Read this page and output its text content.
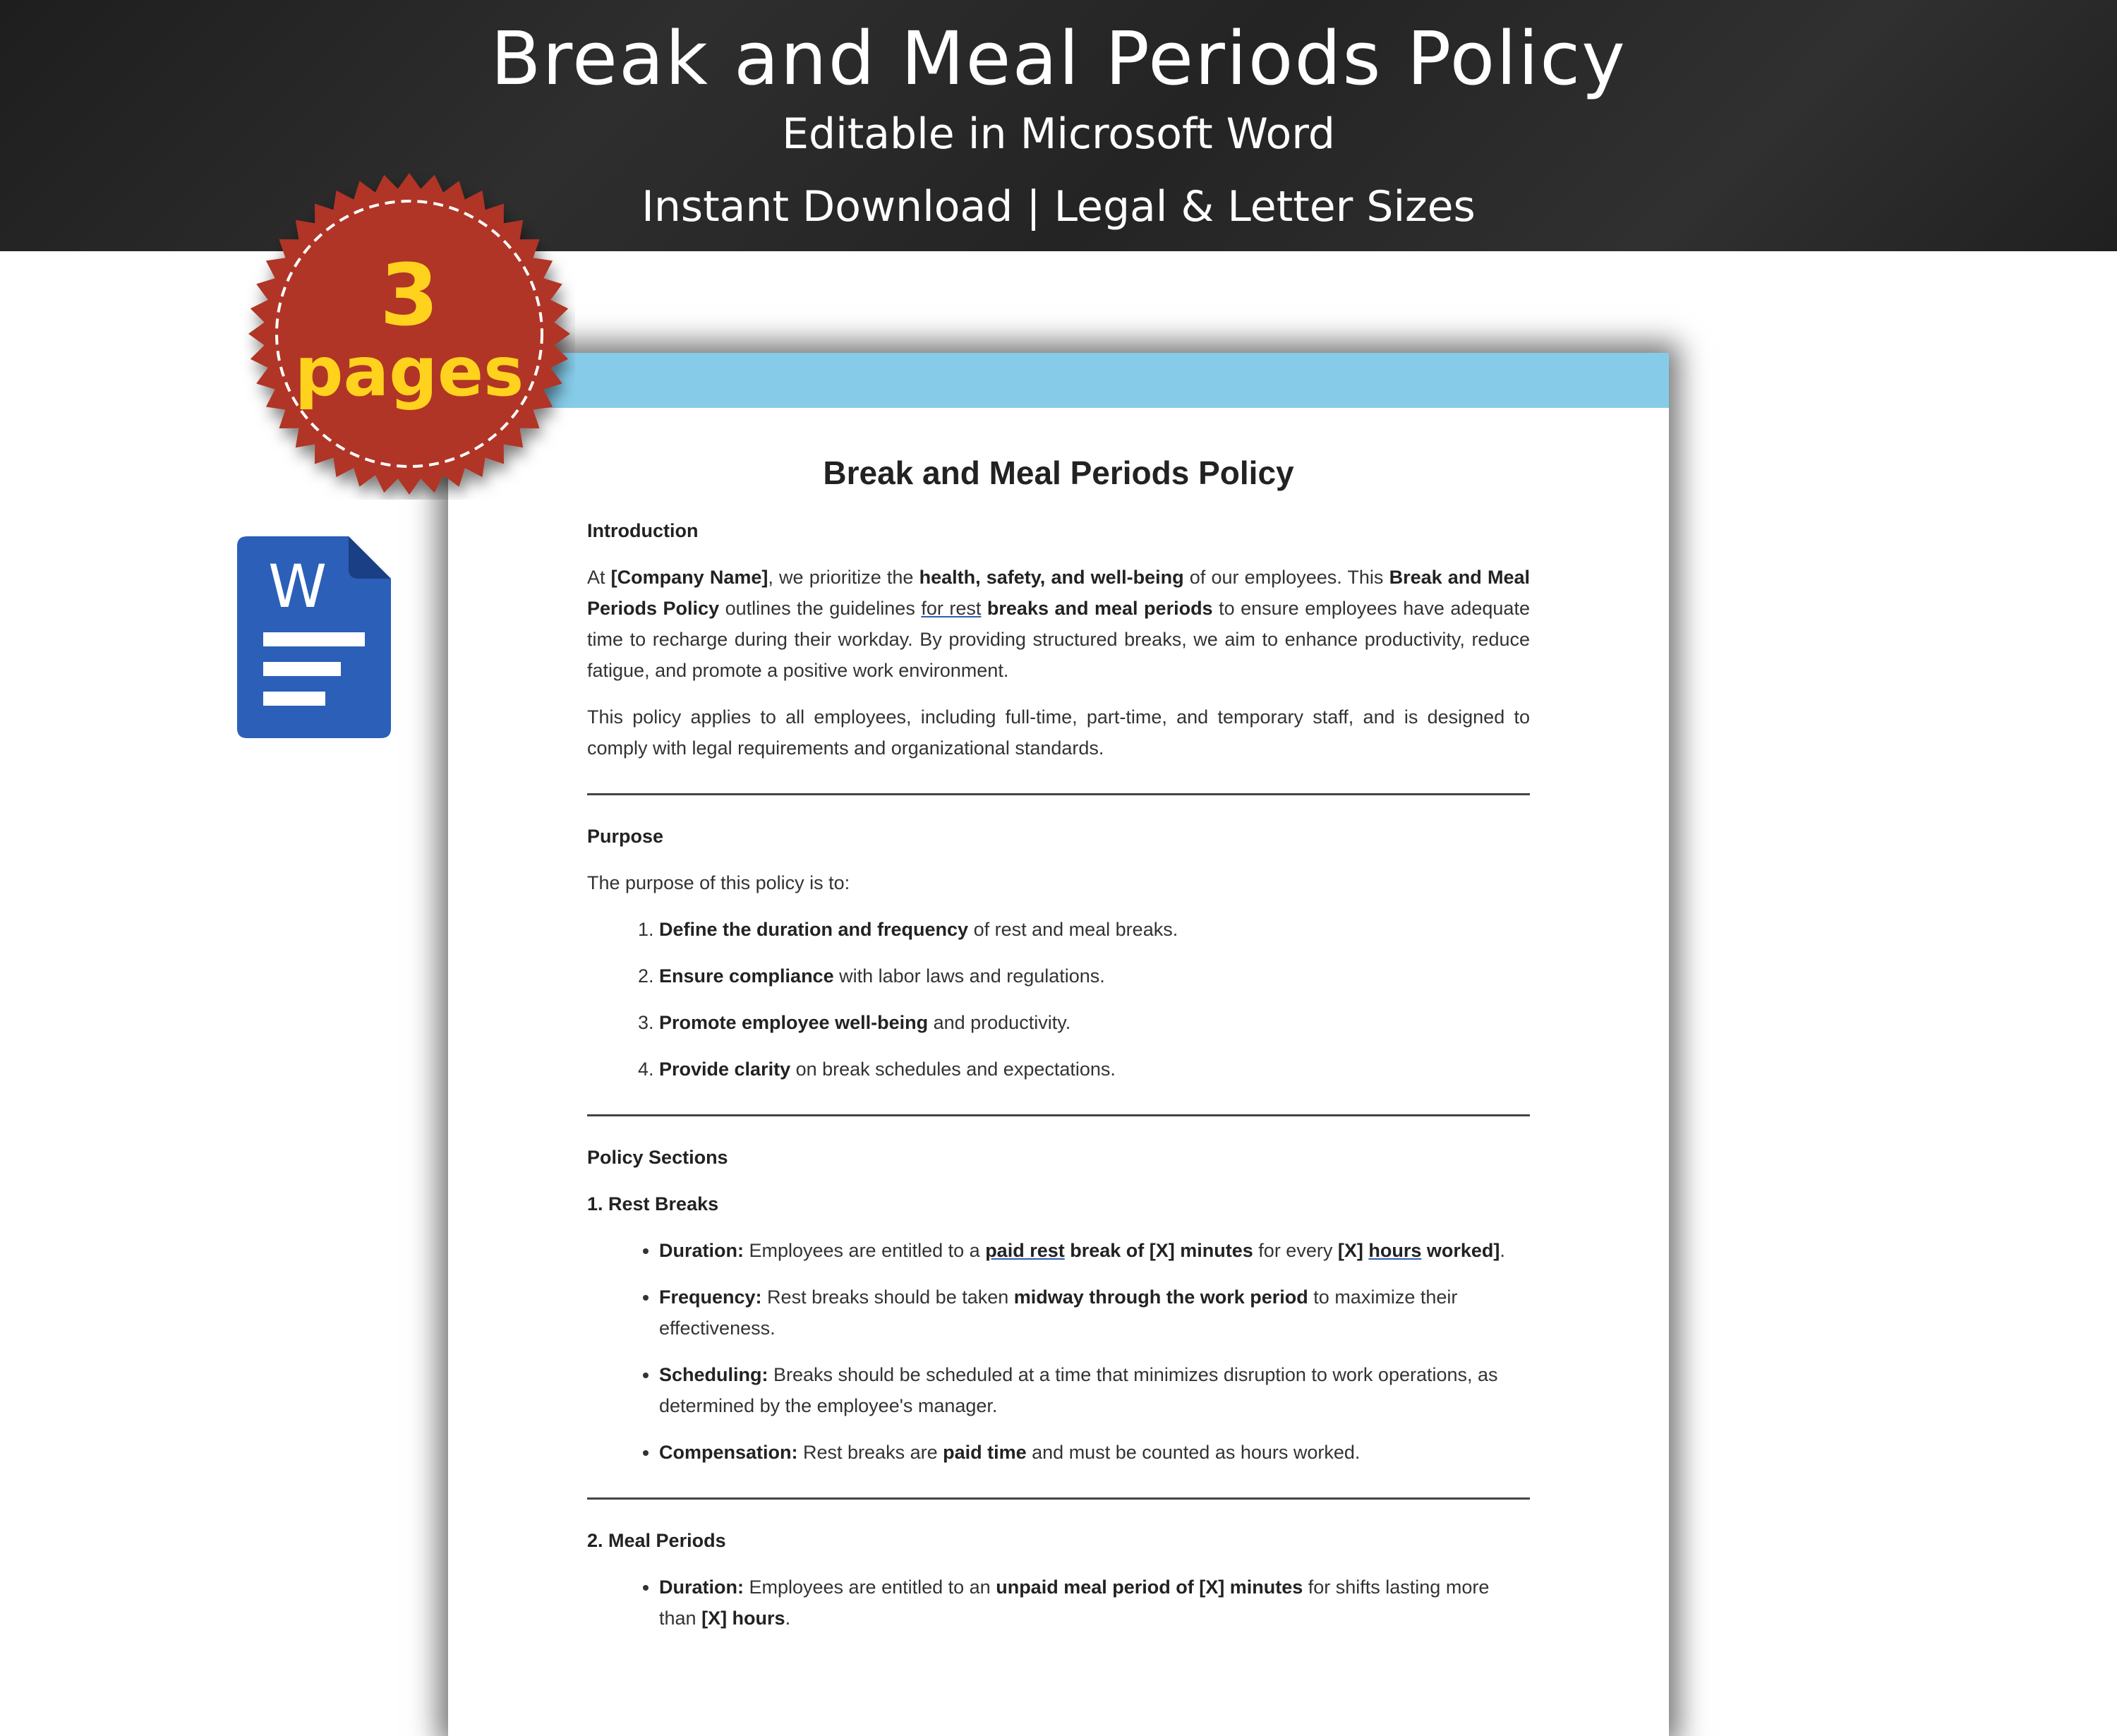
Break and Meal Periods Policy
Editable in Microsoft Word
Instant Download | Legal & Letter Sizes
Break and Meal Periods Policy
Introduction

At [Company Name], we prioritize the health, safety, and well-being of our employees. This Break and Meal Periods Policy outlines the guidelines for rest breaks and meal periods to ensure employees have adequate time to recharge during their workday. By providing structured breaks, we aim to enhance productivity, reduce fatigue, and promote a positive work environment.

This policy applies to all employees, including full-time, part-time, and temporary staff, and is designed to comply with legal requirements and organizational standards.

Purpose

The purpose of this policy is to:

1. Define the duration and frequency of rest and meal breaks.
2. Ensure compliance with labor laws and regulations.
3. Promote employee well-being and productivity.
4. Provide clarity on break schedules and expectations.
Policy Sections
1. Rest Breaks
• Duration: Employees are entitled to a paid rest break of [X] minutes for every [X] hours worked].
• Frequency: Rest breaks should be taken midway through the work period to maximize their effectiveness.
• Scheduling: Breaks should be scheduled at a time that minimizes disruption to work operations, as determined by the employee's manager.
• Compensation: Rest breaks are paid time and must be counted as hours worked.
2. Meal Periods
• Duration: Employees are entitled to an unpaid meal period of [X] minutes for shifts lasting more than [X] hours.
3
pages
W
